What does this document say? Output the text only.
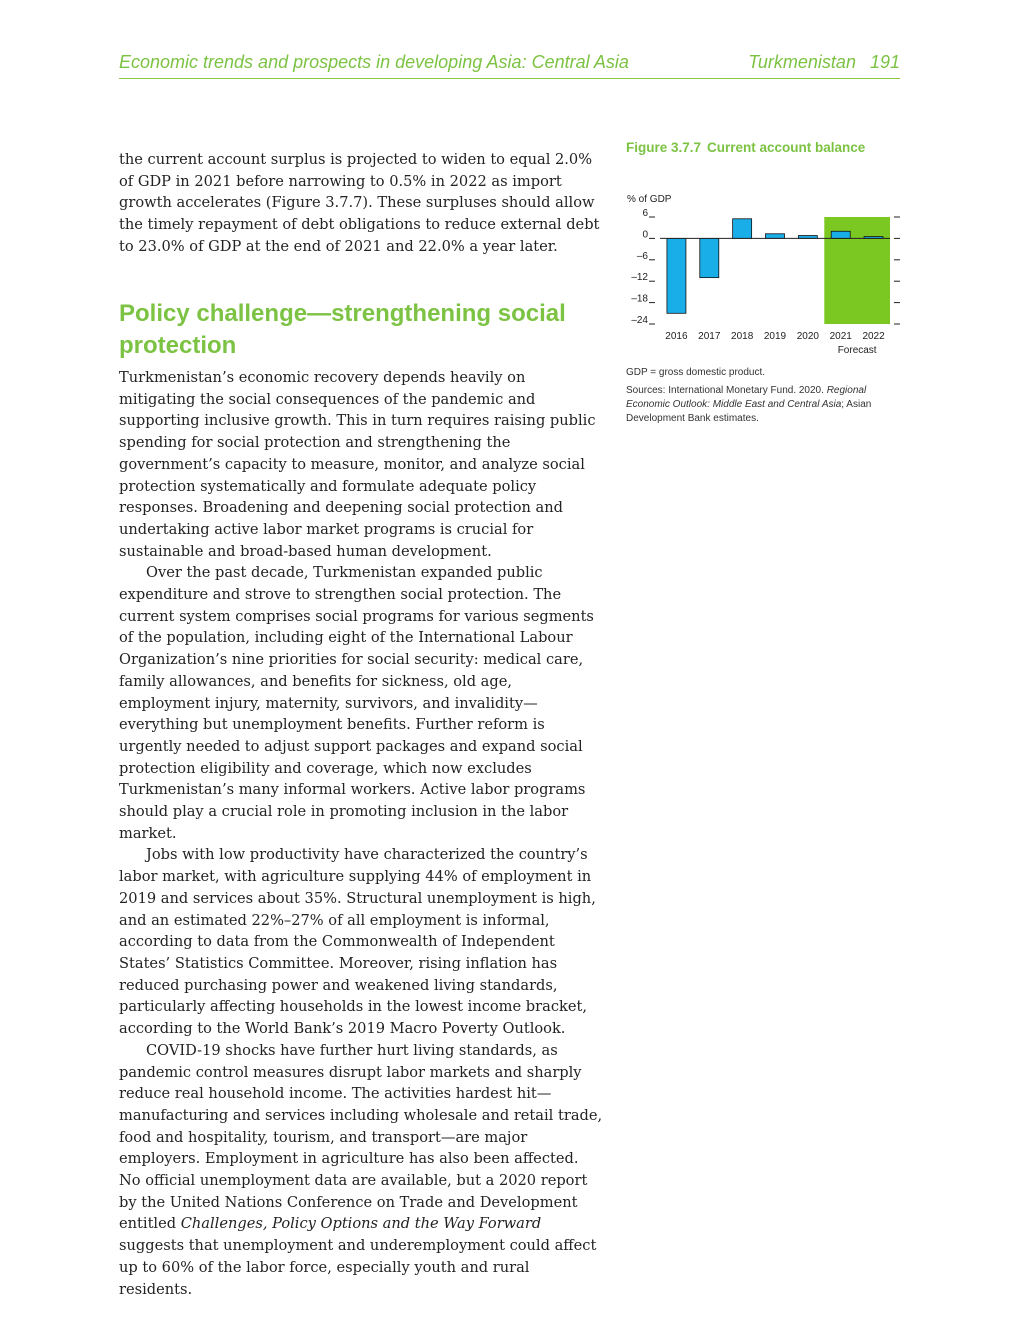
Economic trends and prospects in developing Asia: Central Asia	Turkmenistan 191

the current account surplus is projected to widen to equal 2.0% of GDP in 2021 before narrowing to 0.5% in 2022 as import growth accelerates (Figure 3.7.7). These surpluses should allow the timely repayment of debt obligations to reduce external debt to 23.0% of GDP at the end of 2021 and 22.0% a year later.

Policy challenge—strengthening social protection

Turkmenistan’s economic recovery depends heavily on mitigating the social consequences of the pandemic and supporting inclusive growth. This in turn requires raising public spending for social protection and strengthening the government’s capacity to measure, monitor, and analyze social protection systematically and formulate adequate policy responses. Broadening and deepening social protection and undertaking active labor market programs is crucial for sustainable and broad-based human development.

Over the past decade, Turkmenistan expanded public expenditure and strove to strengthen social protection. The current system comprises social programs for various segments of the population, including eight of the International Labour Organization’s nine priorities for social security: medical care, family allowances, and benefits for sickness, old age, employment injury, maternity, survivors, and invalidity—everything but unemployment benefits. Further reform is urgently needed to adjust support packages and expand social protection eligibility and coverage, which now excludes Turkmenistan’s many informal workers. Active labor programs should play a crucial role in promoting inclusion in the labor market.

Jobs with low productivity have characterized the country’s labor market, with agriculture supplying 44% of employment in 2019 and services about 35%. Structural unemployment is high, and an estimated 22%–27% of all employment is informal, according to data from the Commonwealth of Independent States’ Statistics Committee. Moreover, rising inflation has reduced purchasing power and weakened living standards, particularly affecting households in the lowest income bracket, according to the World Bank’s 2019 Macro Poverty Outlook.

COVID-19 shocks have further hurt living standards, as pandemic control measures disrupt labor markets and sharply reduce real household income. The activities hardest hit—manufacturing and services including wholesale and retail trade, food and hospitality, tourism, and transport—are major employers. Employment in agriculture has also been affected. No official unemployment data are available, but a 2020 report by the United Nations Conference on Trade and Development entitled Challenges, Policy Options and the Way Forward suggests that unemployment and underemployment could affect up to 60% of the labor force, especially youth and rural residents.

Figure 3.7.7 Current account balance

% of GDP
Forecast
2016 2017 2018 2019 2020 2021 2022
6
0
–6
–12
–18
–24

GDP = gross domestic product.

Sources: International Monetary Fund. 2020. Regional Economic Outlook: Middle East and Central Asia; Asian Development Bank estimates.
